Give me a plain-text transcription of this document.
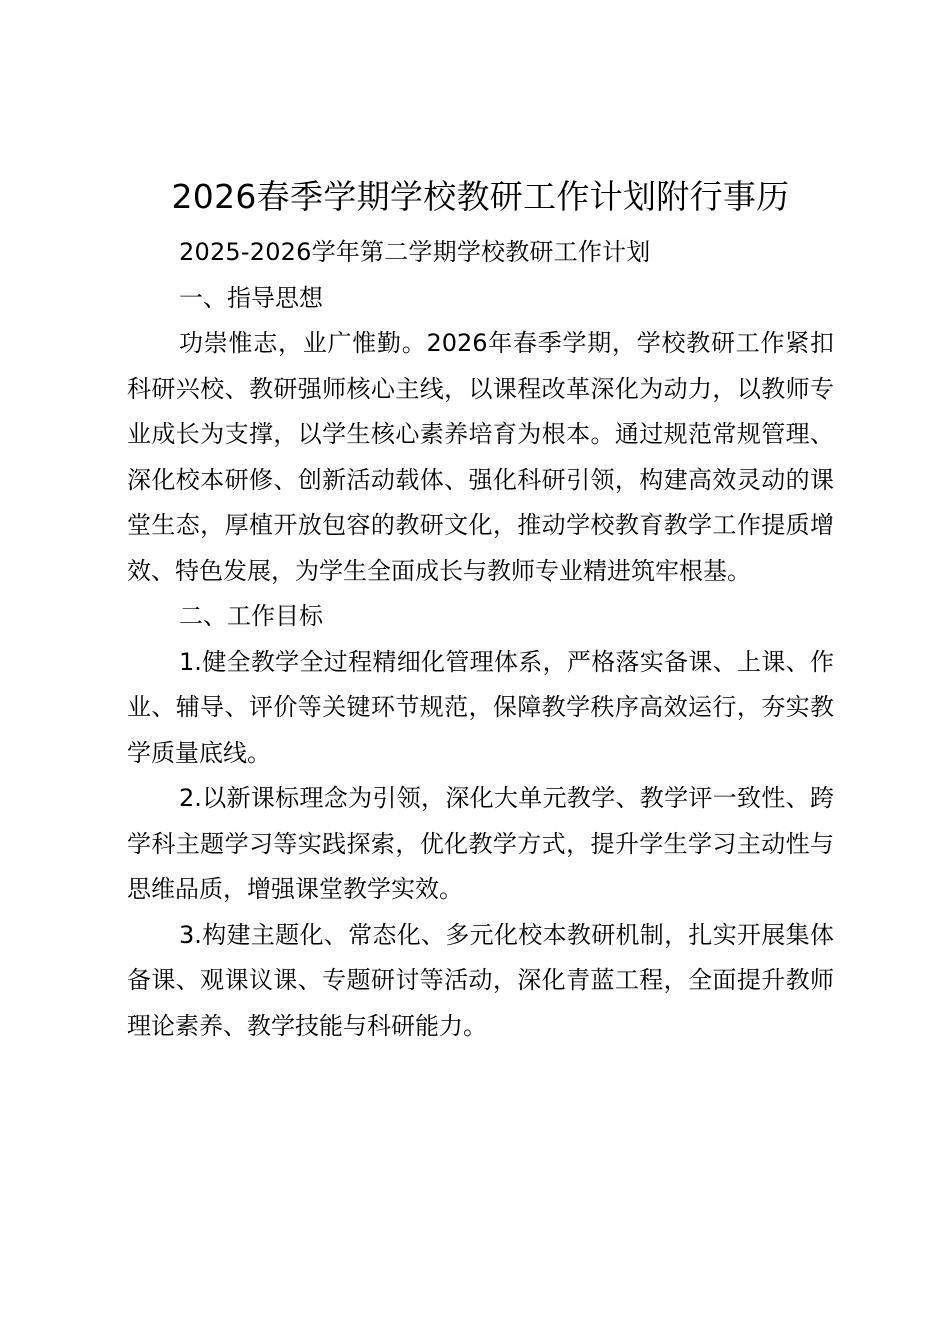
2026春季学期学校教研工作计划附行事历

2025-2026学年第二学期学校教研工作计划

一、指导思想

功崇惟志，业广惟勤。2026年春季学期，学校教研工作紧扣科研兴校、教研强师核心主线，以课程改革深化为动力，以教师专业成长为支撑，以学生核心素养培育为根本。通过规范常规管理、深化校本研修、创新活动载体、强化科研引领，构建高效灵动的课堂生态，厚植开放包容的教研文化，推动学校教育教学工作提质增效、特色发展，为学生全面成长与教师专业精进筑牢根基。

二、工作目标

1.健全教学全过程精细化管理体系，严格落实备课、上课、作业、辅导、评价等关键环节规范，保障教学秩序高效运行，夯实教学质量底线。

2.以新课标理念为引领，深化大单元教学、教学评一致性、跨学科主题学习等实践探索，优化教学方式，提升学生学习主动性与思维品质，增强课堂教学实效。

3.构建主题化、常态化、多元化校本教研机制，扎实开展集体备课、观课议课、专题研讨等活动，深化青蓝工程，全面提升教师理论素养、教学技能与科研能力。
